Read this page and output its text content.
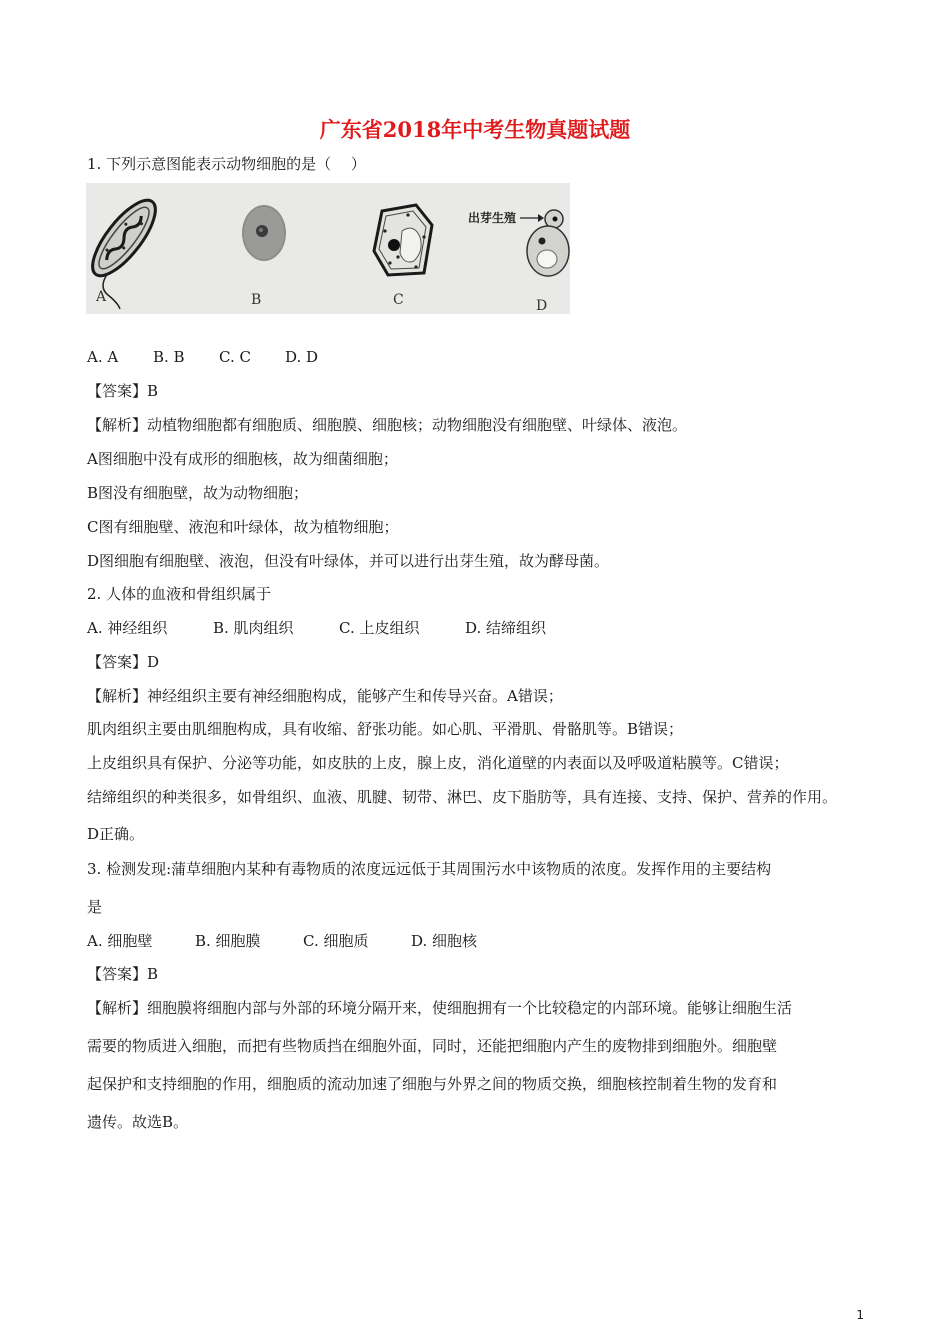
广东省2018年中考生物真题试题
1. 下列示意图能表示动物细胞的是（　 ）
A	B	C
出芽生殖
D
A. A B. B C. C D. D
【答案】B
【解析】动植物细胞都有细胞质、细胞膜、细胞核；动物细胞没有细胞壁、叶绿体、液泡。
A图细胞中没有成形的细胞核，故为细菌细胞；
B图没有细胞壁，故为动物细胞；
C图有细胞壁、液泡和叶绿体，故为植物细胞；
D图细胞有细胞壁、液泡，但没有叶绿体，并可以进行出芽生殖，故为酵母菌。
2. 人体的血液和骨组织属于
A. 神经组织	B. 肌肉组织	C. 上皮组织	D. 结缔组织
【答案】D
【解析】神经组织主要有神经细胞构成，能够产生和传导兴奋。A错误；
肌肉组织主要由肌细胞构成，具有收缩、舒张功能。如心肌、平滑肌、骨骼肌等。B错误；
上皮组织具有保护、分泌等功能，如皮肤的上皮，腺上皮，消化道壁的内表面以及呼吸道粘膜等。C错误；
结缔组织的种类很多，如骨组织、血液、肌腱、韧带、淋巴、皮下脂肪等，具有连接、支持、保护、营养的作用。
D正确。
3. 检测发现:蒲草细胞内某种有毒物质的浓度远远低于其周围污水中该物质的浓度。发挥作用的主要结构
是
A. 细胞壁	B. 细胞膜	C. 细胞质	D. 细胞核
【答案】B
【解析】细胞膜将细胞内部与外部的环境分隔开来，使细胞拥有一个比较稳定的内部环境。能够让细胞生活
需要的物质进入细胞，而把有些物质挡在细胞外面，同时，还能把细胞内产生的废物排到细胞外。细胞壁
起保护和支持细胞的作用，细胞质的流动加速了细胞与外界之间的物质交换，细胞核控制着生物的发育和
遗传。故选B。
1
